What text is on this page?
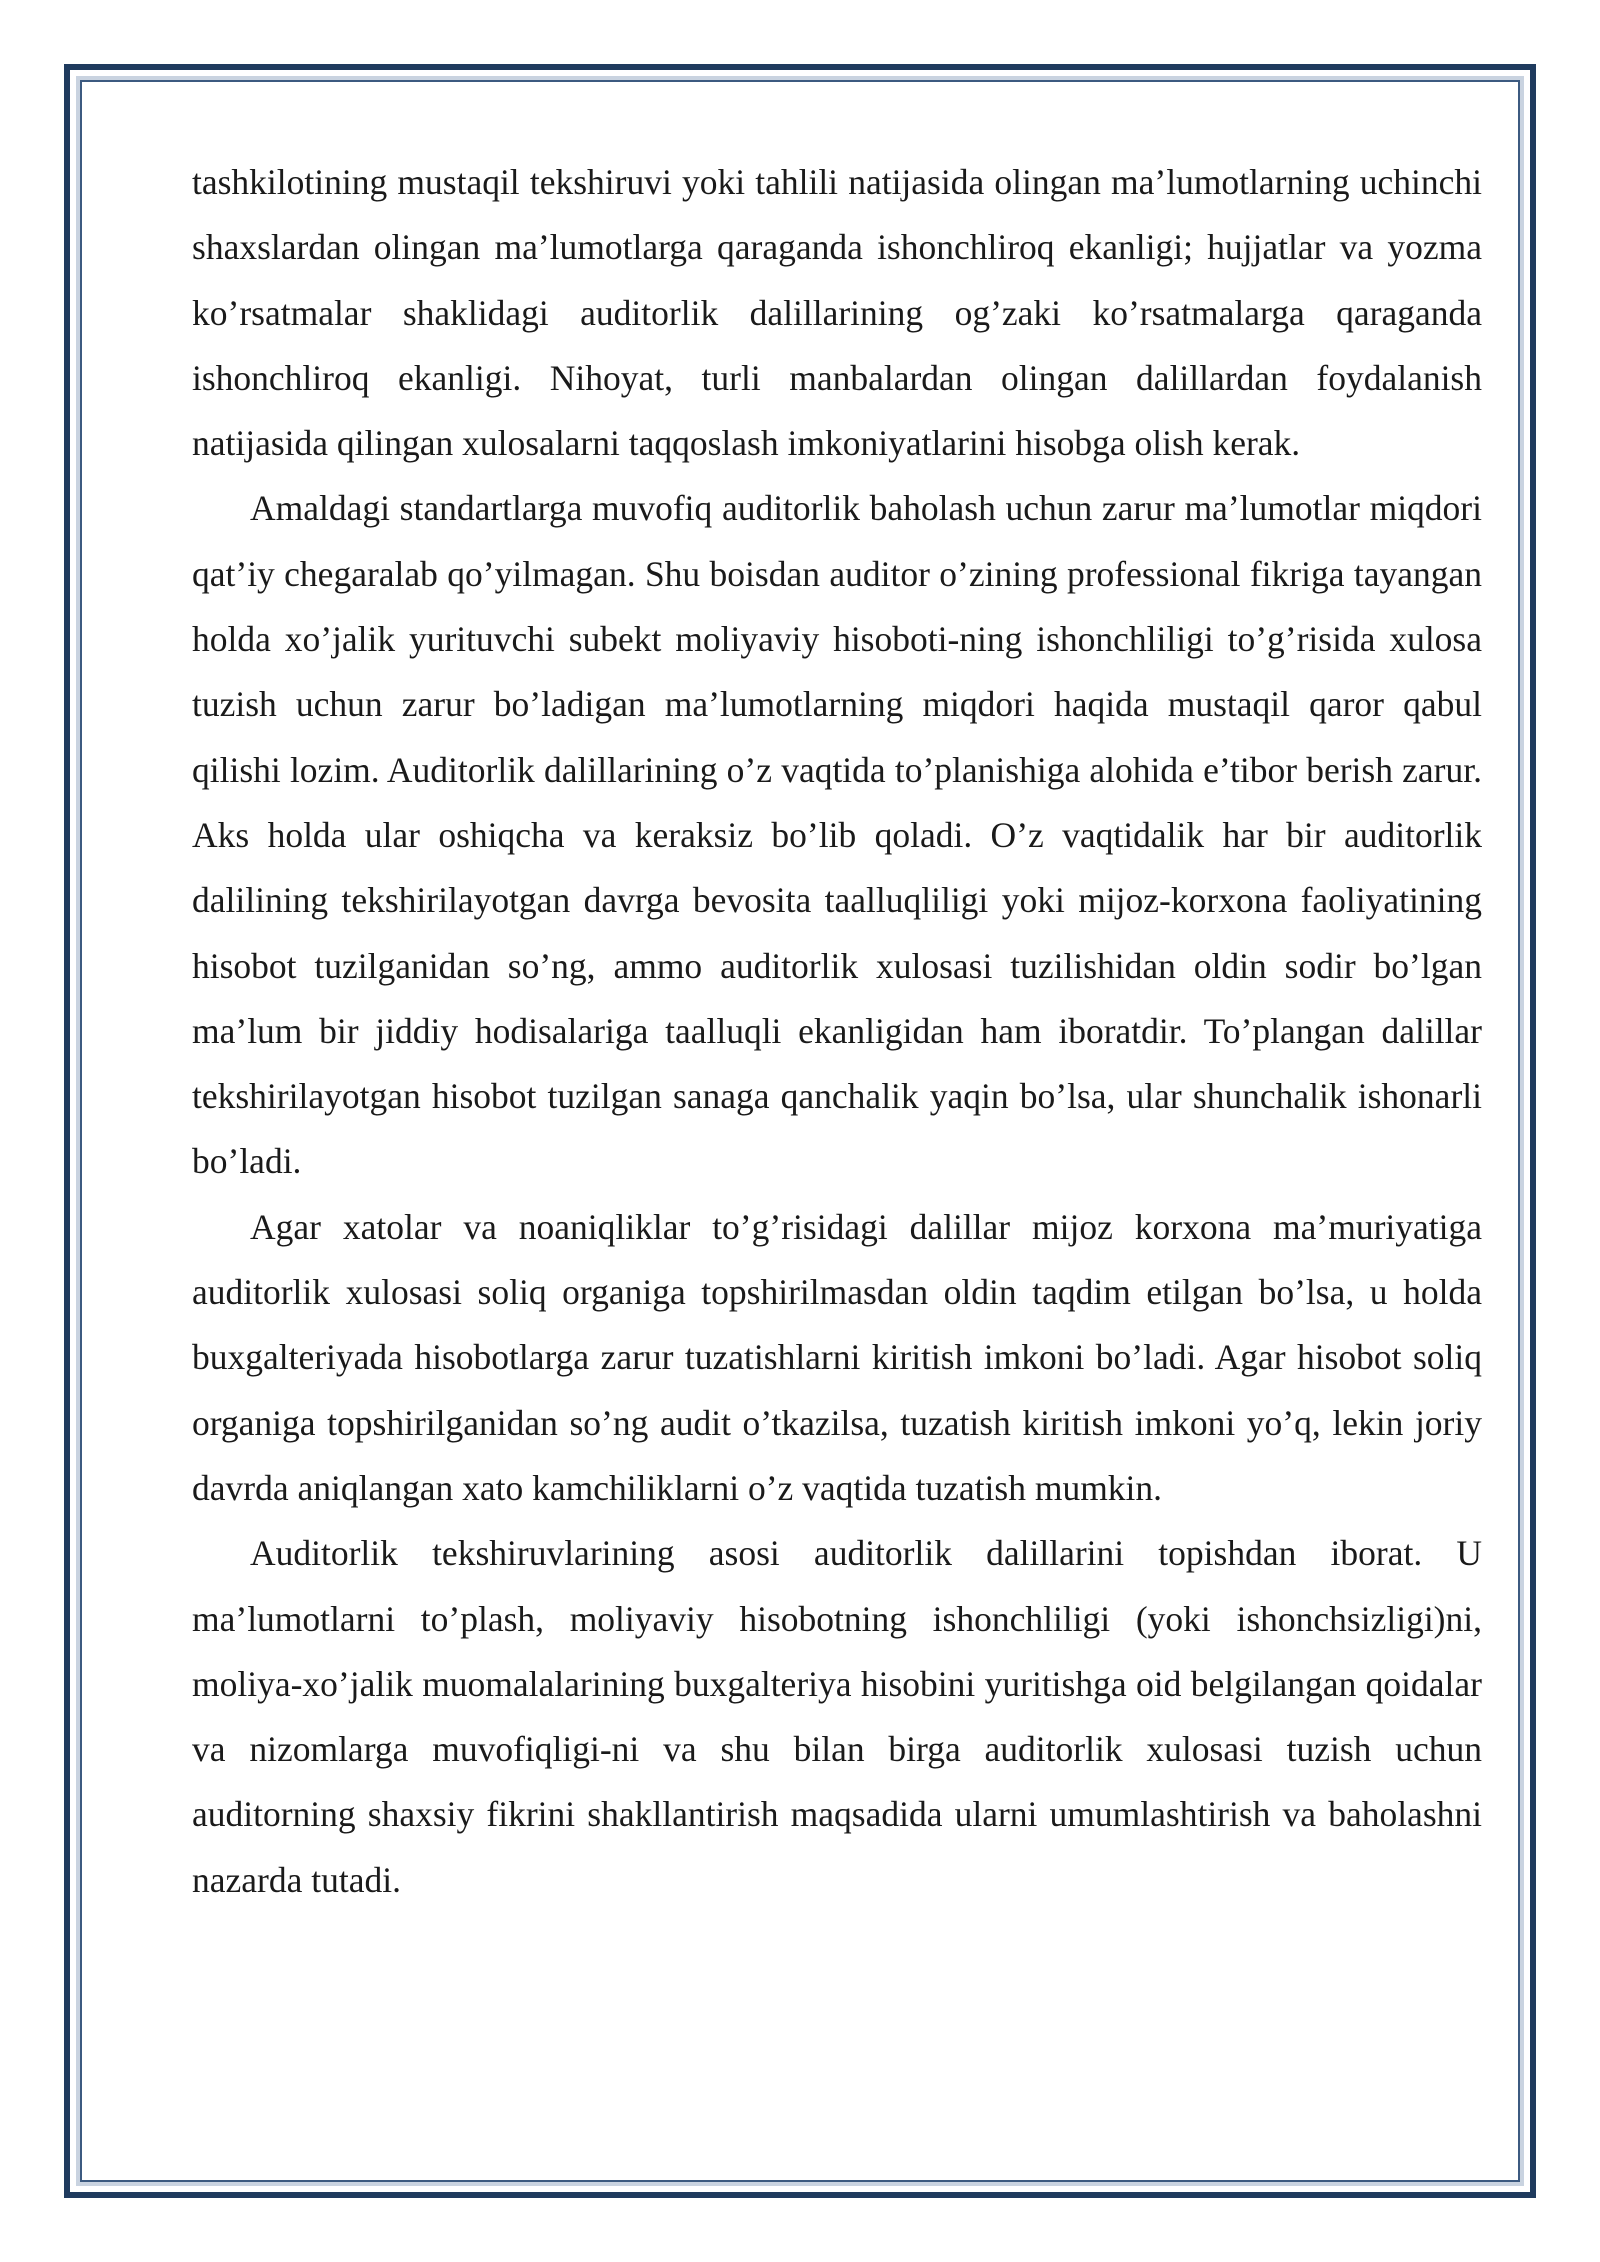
tashkilotining mustaqil tekshiruvi yoki tahlili natijasida olingan ma’lumotlarning uchinchi shaxslardan olingan ma’lumotlarga qaraganda ishonchliroq ekanligi; hujjatlar va yozma ko’rsatmalar shaklidagi auditorlik dalillarining og’zaki ko’rsatmalarga qaraganda ishonchliroq ekanligi. Nihoyat, turli manbalardan olingan dalillardan foydalanish natijasida qilingan xulosalarni taqqoslash imkoniyatlarini hisobga olish kerak.

Amaldagi standartlarga muvofiq auditorlik baholash uchun zarur ma’lumotlar miqdori qat’iy chegaralab qo’yilmagan. Shu boisdan auditor o’zining professional fikriga tayangan holda xo’jalik yurituvchi subekt moliyaviy hisoboti-ning ishonchliligi to’g’risida xulosa tuzish uchun zarur bo’ladigan ma’lumotlarning miqdori haqida mustaqil qaror qabul qilishi lozim. Auditorlik dalillarining o’z vaqtida to’planishiga alohida e’tibor berish zarur. Aks holda ular oshiqcha va keraksiz bo’lib qoladi. O’z vaqtidalik har bir auditorlik dalilining tekshirilayotgan davrga bevosita taalluqliligi yoki mijoz-korxona faoliyatining hisobot tuzilganidan so’ng, ammo auditorlik xulosasi tuzilishidan oldin sodir bo’lgan ma’lum bir jiddiy hodisalariga taalluqli ekanligidan ham iboratdir. To’plangan dalillar tekshirilayotgan hisobot tuzilgan sanaga qanchalik yaqin bo’lsa, ular shunchalik ishonarli bo’ladi.

Agar xatolar va noaniqliklar to’g’risidagi dalillar mijoz korxona ma’muriyatiga auditorlik xulosasi soliq organiga topshirilmasdan oldin taqdim etilgan bo’lsa, u holda buxgalteriyada hisobotlarga zarur tuzatishlarni kiritish imkoni bo’ladi. Agar hisobot soliq organiga topshirilganidan so’ng audit o’tkazilsa, tuzatish kiritish imkoni yo’q, lekin joriy davrda aniqlangan xato kamchiliklarni o’z vaqtida tuzatish mumkin.

Auditorlik tekshiruvlarining asosi auditorlik dalillarini topishdan iborat. U ma’lumotlarni to’plash, moliyaviy hisobotning ishonchliligi (yoki ishonchsizligi)ni, moliya-xo’jalik muomalalarining buxgalteriya hisobini yuritishga oid belgilangan qoidalar va nizomlarga muvofiqligi-ni va shu bilan birga auditorlik xulosasi tuzish uchun auditorning shaxsiy fikrini shakllantirish maqsadida ularni umumlashtirish va baholashni nazarda tutadi.
